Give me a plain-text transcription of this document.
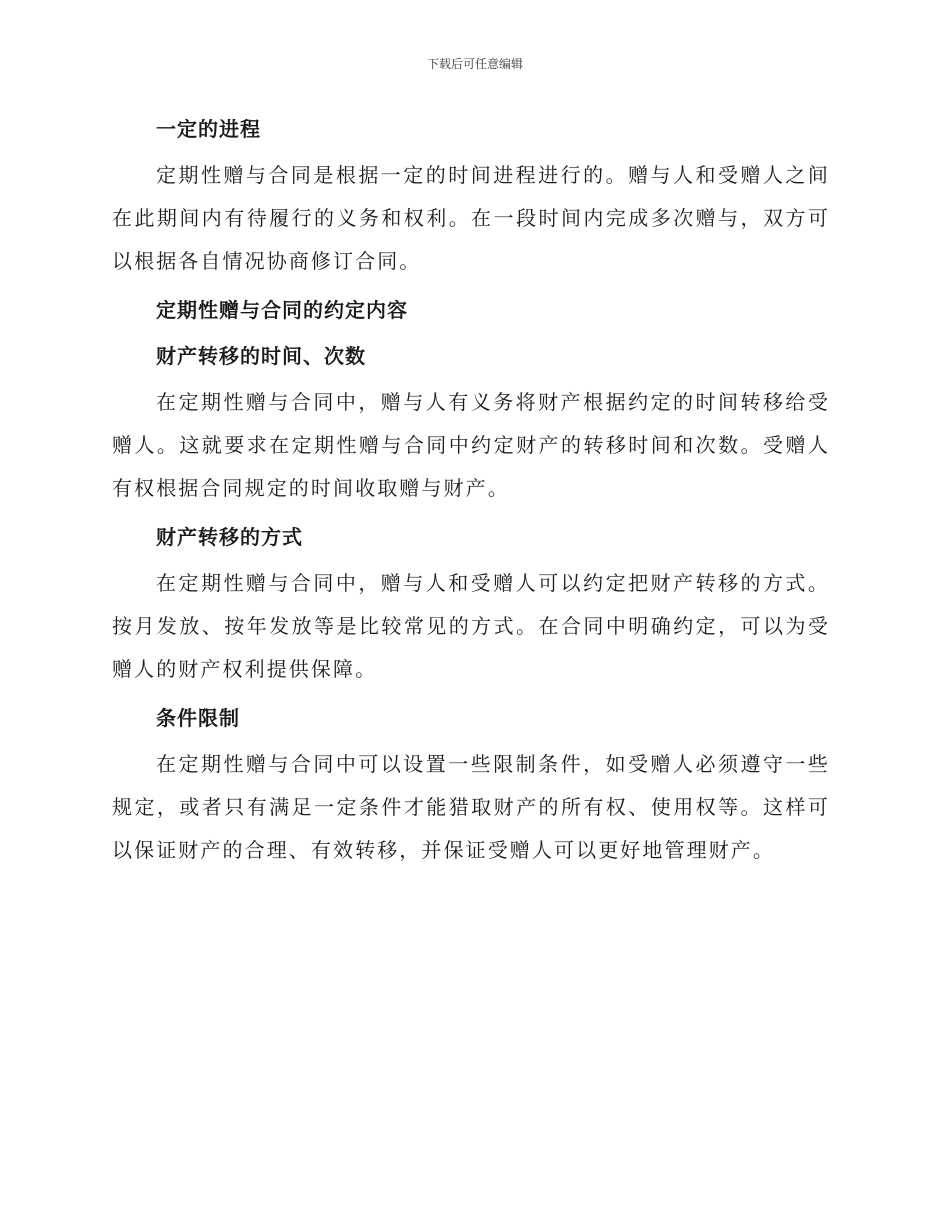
下载后可任意编辑
一定的进程

定期性赠与合同是根据一定的时间进程进行的。赠与人和受赠人之间在此期间内有待履行的义务和权利。在一段时间内完成多次赠与，双方可以根据各自情况协商修订合同。

定期性赠与合同的约定内容
财产转移的时间、次数

在定期性赠与合同中，赠与人有义务将财产根据约定的时间转移给受赠人。这就要求在定期性赠与合同中约定财产的转移时间和次数。受赠人有权根据合同规定的时间收取赠与财产。

财产转移的方式

在定期性赠与合同中，赠与人和受赠人可以约定把财产转移的方式。按月发放、按年发放等是比较常见的方式。在合同中明确约定，可以为受赠人的财产权利提供保障。

条件限制

在定期性赠与合同中可以设置一些限制条件，如受赠人必须遵守一些规定，或者只有满足一定条件才能猎取财产的所有权、使用权等。这样可以保证财产的合理、有效转移，并保证受赠人可以更好地管理财产。
